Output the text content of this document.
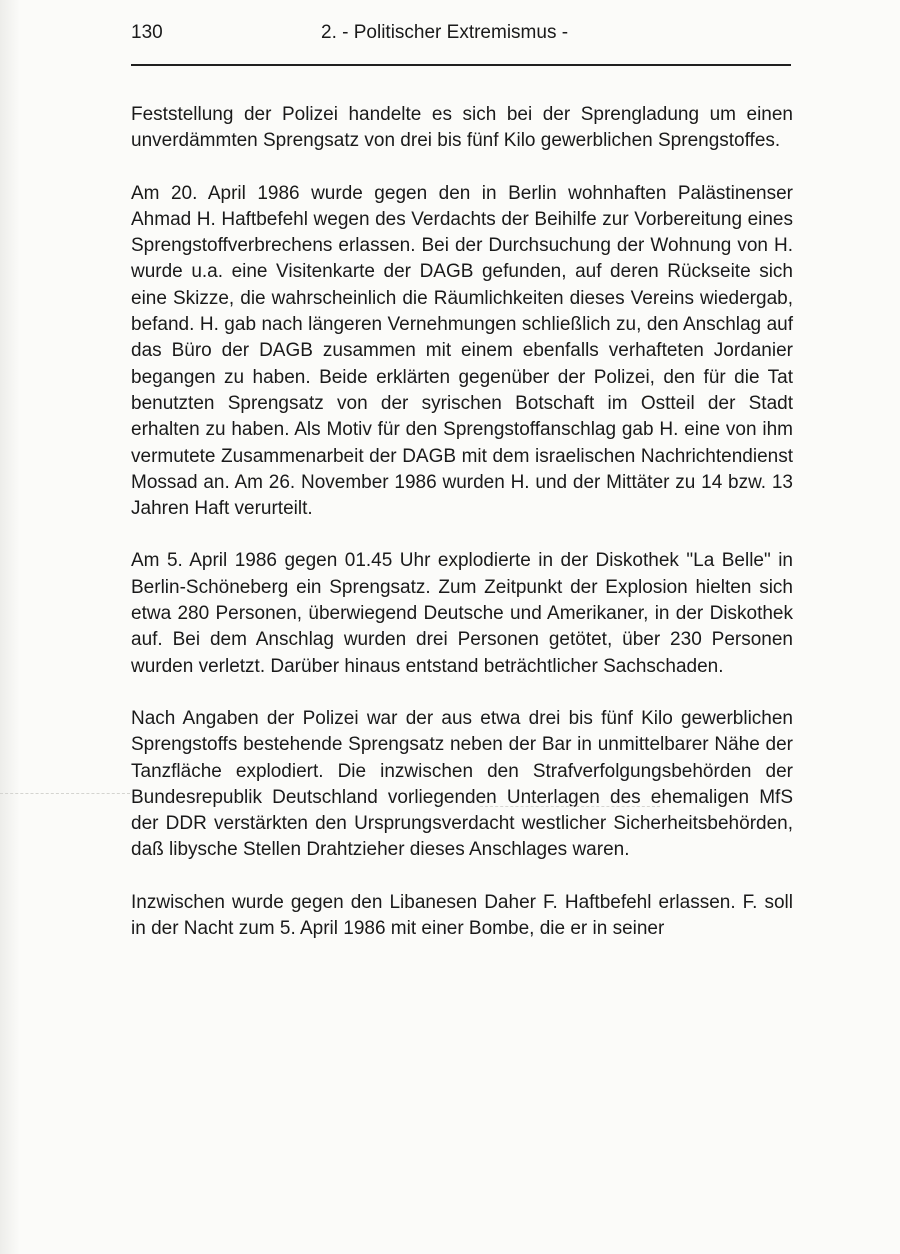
130	2. - Politischer Extremismus -

Feststellung der Polizei handelte es sich bei der Sprengladung um einen unverdämmten Sprengsatz von drei bis fünf Kilo gewerblichen Sprengstoffes.

Am 20. April 1986 wurde gegen den in Berlin wohnhaften Palästinenser Ahmad H. Haftbefehl wegen des Verdachts der Beihilfe zur Vorbereitung eines Sprengstoffverbrechens erlassen. Bei der Durchsuchung der Wohnung von H. wurde u.a. eine Visitenkarte der DAGB gefunden, auf deren Rückseite sich eine Skizze, die wahrscheinlich die Räumlichkeiten dieses Vereins wiedergab, befand. H. gab nach längeren Vernehmungen schließlich zu, den Anschlag auf das Büro der DAGB zusammen mit einem ebenfalls verhafteten Jordanier begangen zu haben. Beide erklärten gegenüber der Polizei, den für die Tat benutzten Sprengsatz von der syrischen Botschaft im Ostteil der Stadt erhalten zu haben. Als Motiv für den Sprengstoffanschlag gab H. eine von ihm vermutete Zusammenarbeit der DAGB mit dem israelischen Nachrichtendienst Mossad an. Am 26. November 1986 wurden H. und der Mittäter zu 14 bzw. 13 Jahren Haft verurteilt.

Am 5. April 1986 gegen 01.45 Uhr explodierte in der Diskothek "La Belle" in Berlin-Schöneberg ein Sprengsatz. Zum Zeitpunkt der Explosion hielten sich etwa 280 Personen, überwiegend Deutsche und Amerikaner, in der Diskothek auf. Bei dem Anschlag wurden drei Personen getötet, über 230 Personen wurden verletzt. Darüber hinaus entstand beträchtlicher Sachschaden.

Nach Angaben der Polizei war der aus etwa drei bis fünf Kilo gewerblichen Sprengstoffs bestehende Sprengsatz neben der Bar in unmittelbarer Nähe der Tanzfläche explodiert. Die inzwischen den Strafverfolgungsbehörden der Bundesrepublik Deutschland vorliegenden Unterlagen des ehemaligen MfS der DDR verstärkten den Ursprungsverdacht westlicher Sicherheitsbehörden, daß libysche Stellen Drahtzieher dieses Anschlages waren.

Inzwischen wurde gegen den Libanesen Daher F. Haftbefehl erlassen. F. soll in der Nacht zum 5. April 1986 mit einer Bombe, die er in seiner
